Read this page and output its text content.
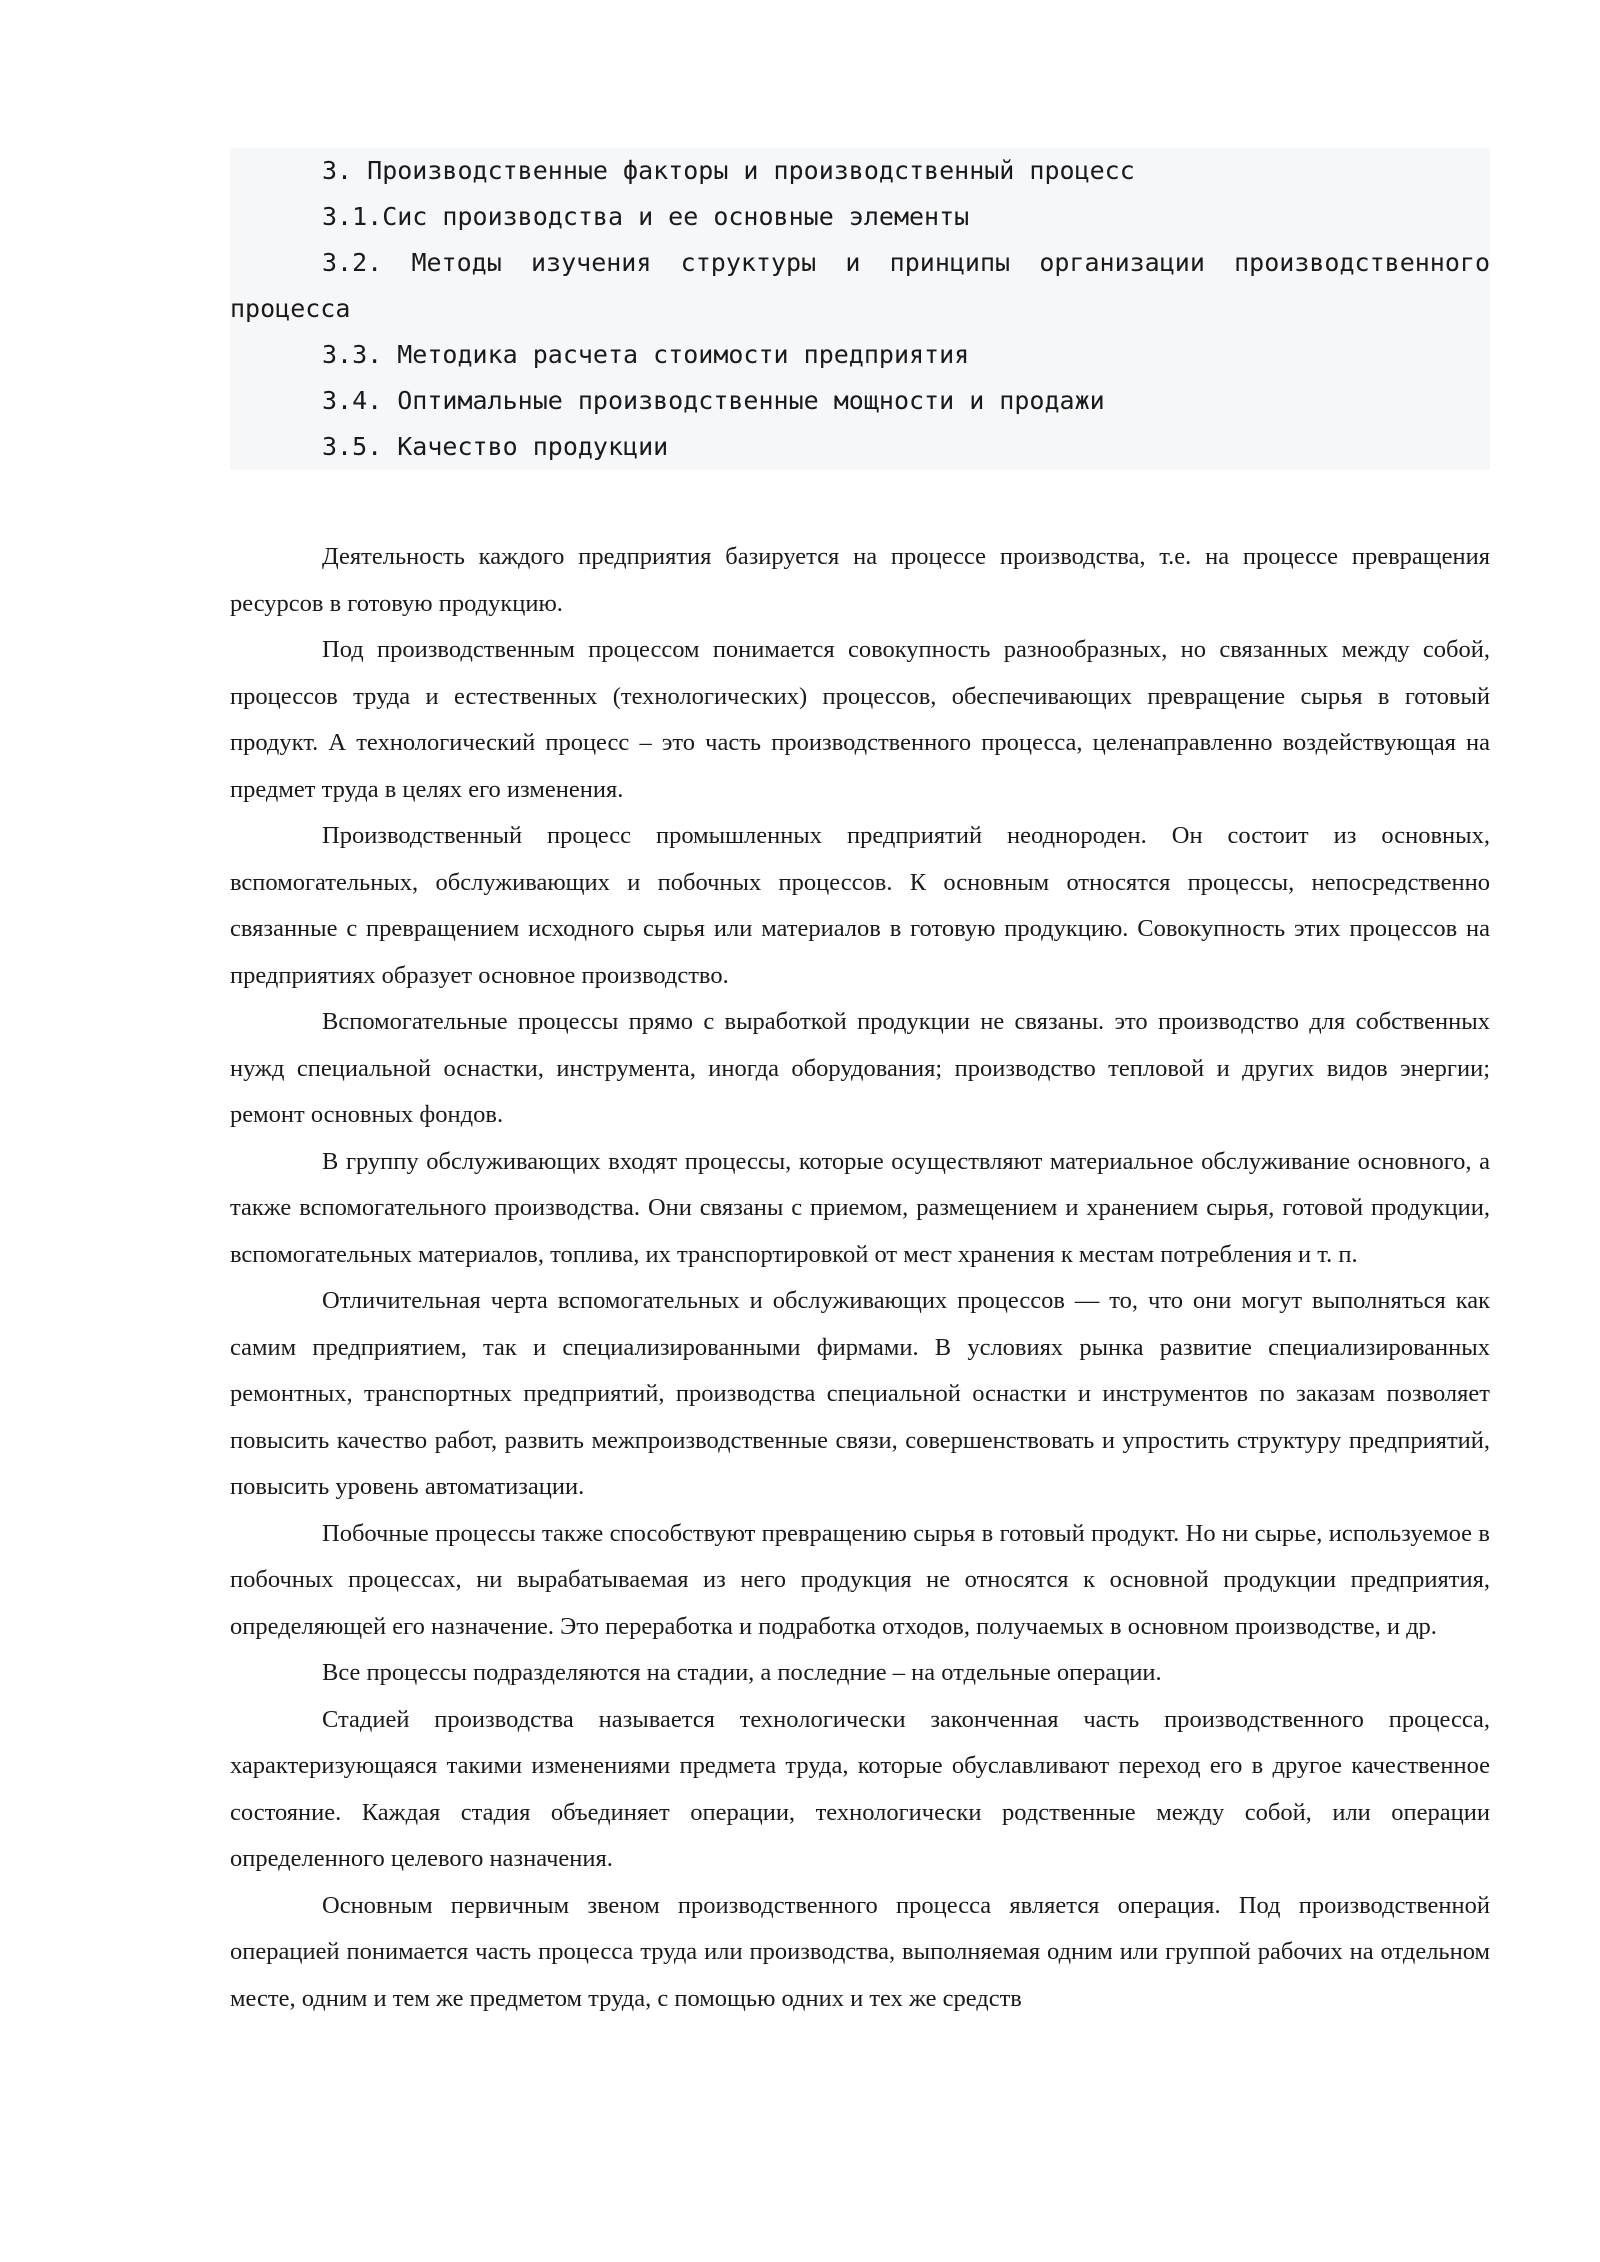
3. Производственные факторы и производственный процесс

3.1.Сис производства и ее основные элементы

3.2. Методы изучения структуры и принципы организации производственного процесса

3.3. Методика расчета стоимости предприятия

3.4. Оптимальные производственные мощности и продажи

3.5. Качество продукции

Деятельность каждого предприятия базируется на процессе производства, т.е. на процессе превращения ресурсов в готовую продукцию.

Под производственным процессом понимается совокупность разнообразных, но связанных между собой, процессов труда и естественных (технологических) процессов, обеспечивающих превращение сырья в готовый продукт. А технологический процесс – это часть производственного процесса, целенаправленно воздействующая на предмет труда в целях его изменения.

Производственный процесс промышленных предприятий неоднороден. Он состоит из основных, вспомогательных, обслуживающих и побочных процессов. К основным относятся процессы, непосредственно связанные с превращением исходного сырья или материалов в готовую продукцию. Совокупность этих процессов на предприятиях образует основное производство.

Вспомогательные процессы прямо с выработкой продукции не связаны. это производство для собственных нужд специальной оснастки, инструмента, иногда оборудования; производство тепловой и других видов энергии; ремонт основных фондов.

В группу обслуживающих входят процессы, которые осуществляют материальное обслуживание основного, а также вспомогательного производства. Они связаны с приемом, размещением и хранением сырья, готовой продукции, вспомогательных материалов, топлива, их транспортировкой от мест хранения к местам потребления и т. п.

Отличительная черта вспомогательных и обслуживающих процессов — то, что они могут выполняться как самим предприятием, так и специализированными фирмами. В условиях рынка развитие специализированных ремонтных, транспортных предприятий, производства специальной оснастки и инструментов по заказам позволяет повысить качество работ, развить межпроизводственные связи, совершенствовать и упростить структуру предприятий, повысить уровень автоматизации.

Побочные процессы также способствуют превращению сырья в готовый продукт. Но ни сырье, используемое в побочных процессах, ни вырабатываемая из него продукция не относятся к основной продукции предприятия, определяющей его назначение. Это переработка и подработка отходов, получаемых в основном производстве, и др.

Все процессы подразделяются на стадии, а последние – на отдельные операции.

Стадией производства называется технологически законченная часть производственного процесса, характеризующаяся такими изменениями предмета труда, которые обуславливают переход его в другое качественное состояние. Каждая стадия объединяет операции, технологически родственные между собой, или операции определенного целевого назначения.

Основным первичным звеном производственного процесса является операция. Под производственной операцией понимается часть процесса труда или производства, выполняемая одним или группой рабочих на отдельном месте, одним и тем же предметом труда, с помощью одних и тех же средств
